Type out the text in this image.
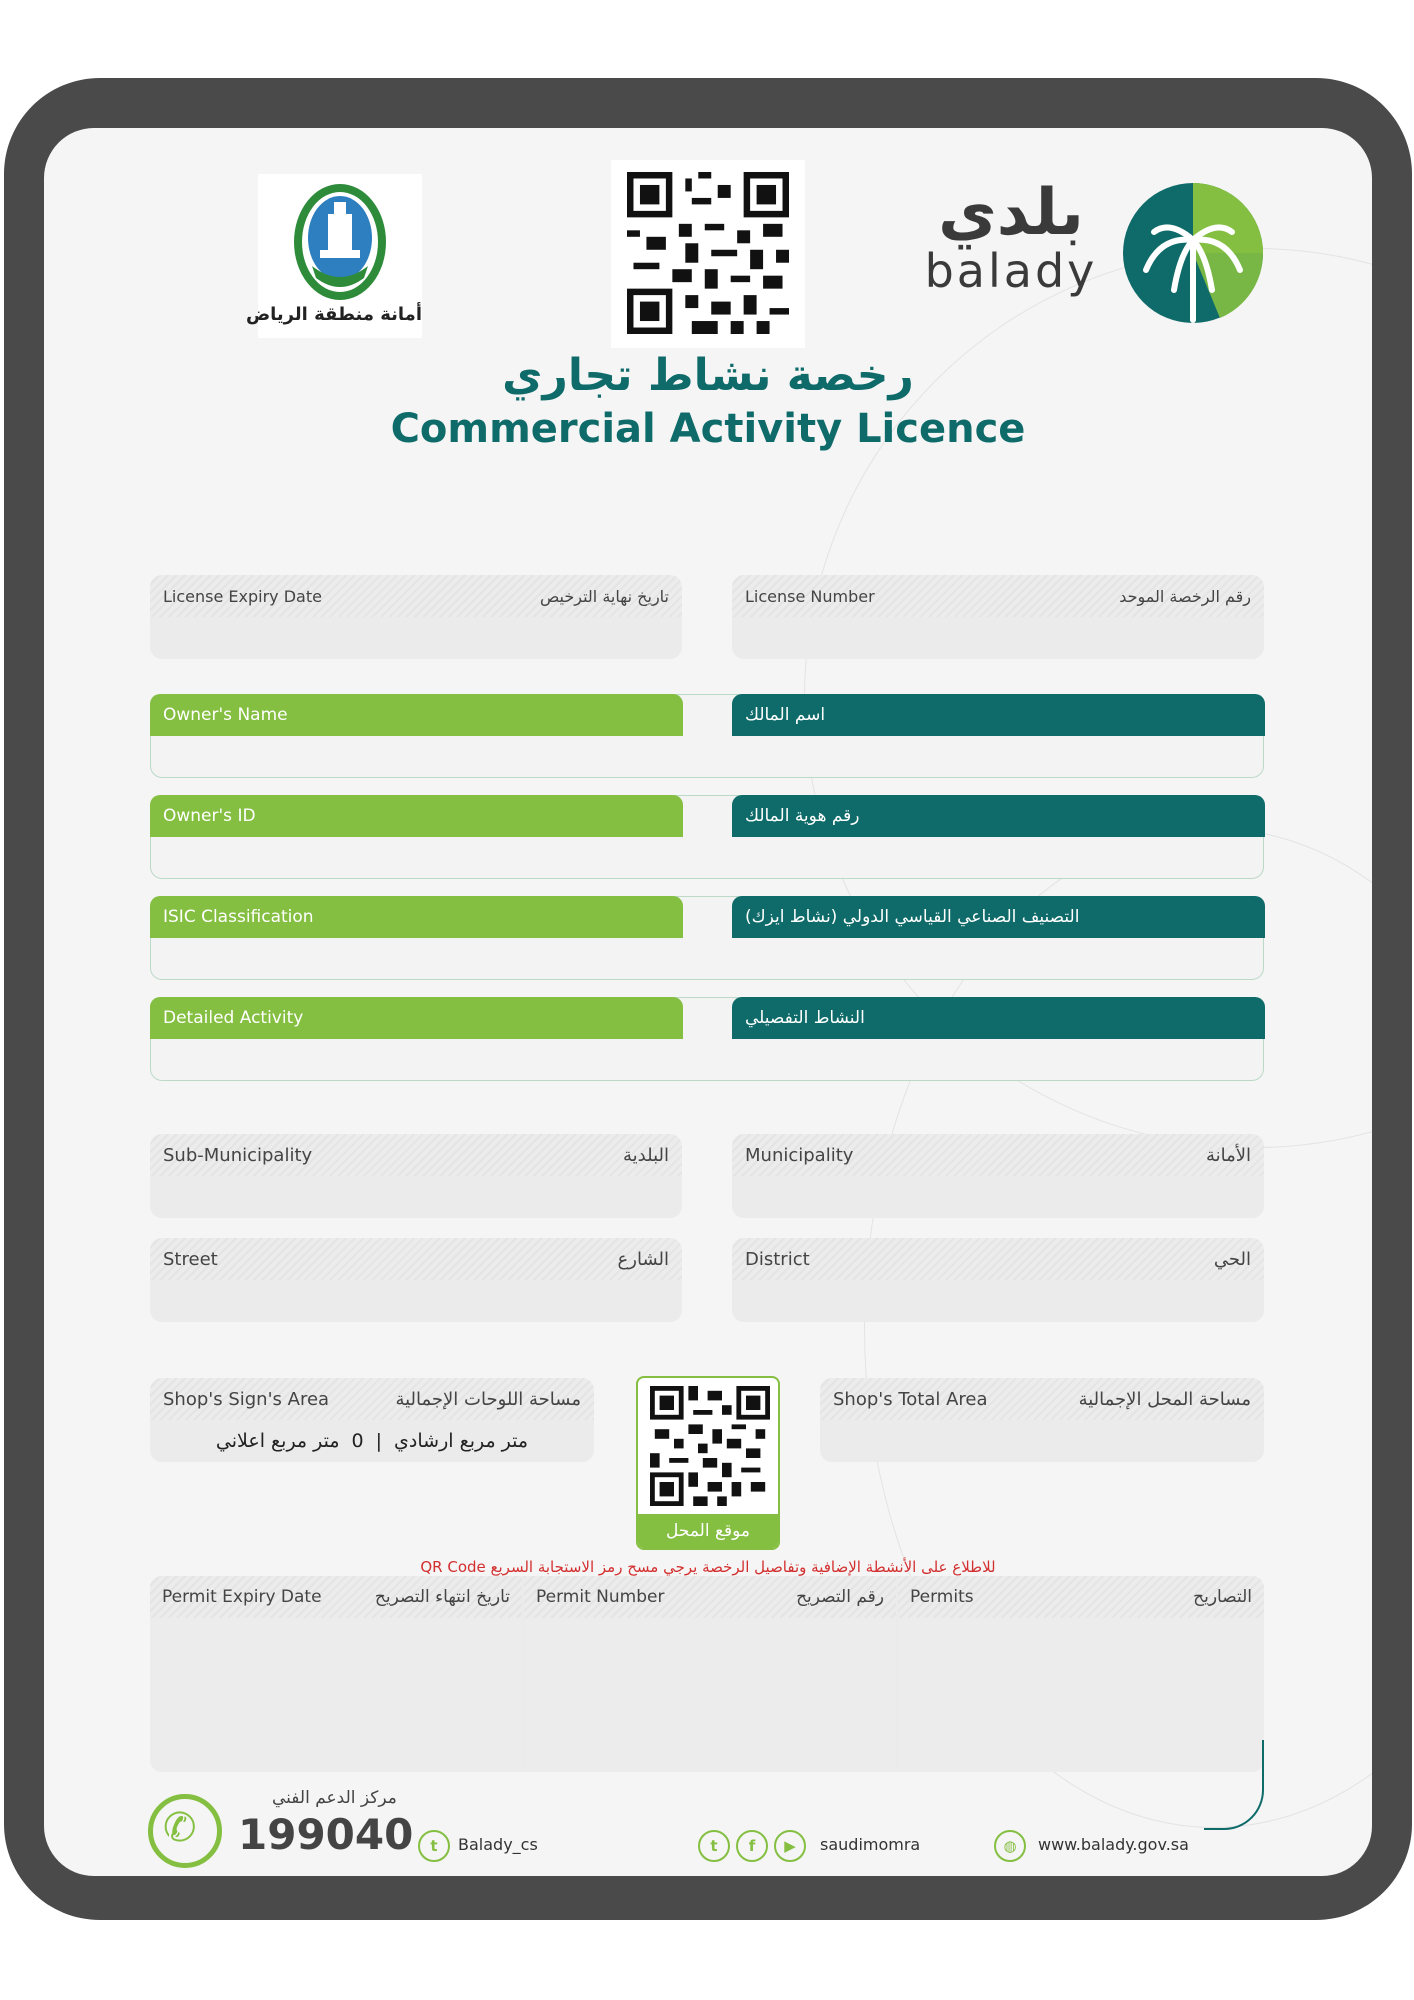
أمانة منطقة الرياض
بلدي
balady
رخصة نشاط تجاري
Commercial Activity Licence
License Expiry Date	تاريخ نهاية الترخيص	License Number	رقم الرخصة الموحد
Owner's Name	اسم المالك
Owner's ID	رقم هوية المالك
ISIC Classification	التصنيف الصناعي القياسي الدولي (نشاط ايزك)
Detailed Activity	النشاط التفصيلي
Sub-Municipality	البلدية	Municipality	الأمانة
Street	الشارع	District	الحي
Shop's Sign's Area	مساحة اللوحات الإجمالية
متر مربع اعلاني 0 | متر مربع ارشادي
Shop's Total Area	مساحة المحل الإجمالية
موقع المحل
للاطلاع على الأنشطة الإضافية وتفاصيل الرخصة يرجي مسح رمز الاستجابة السريع QR Code
Permit Expiry Date	تاريخ انتهاء التصريح Permit Number	رقم التصريح Permits	التصاريح
✆
مركز الدعم الفني
199040	t	Balady_cs	t	f	▶	saudimomra	◍	www.balady.gov.sa
